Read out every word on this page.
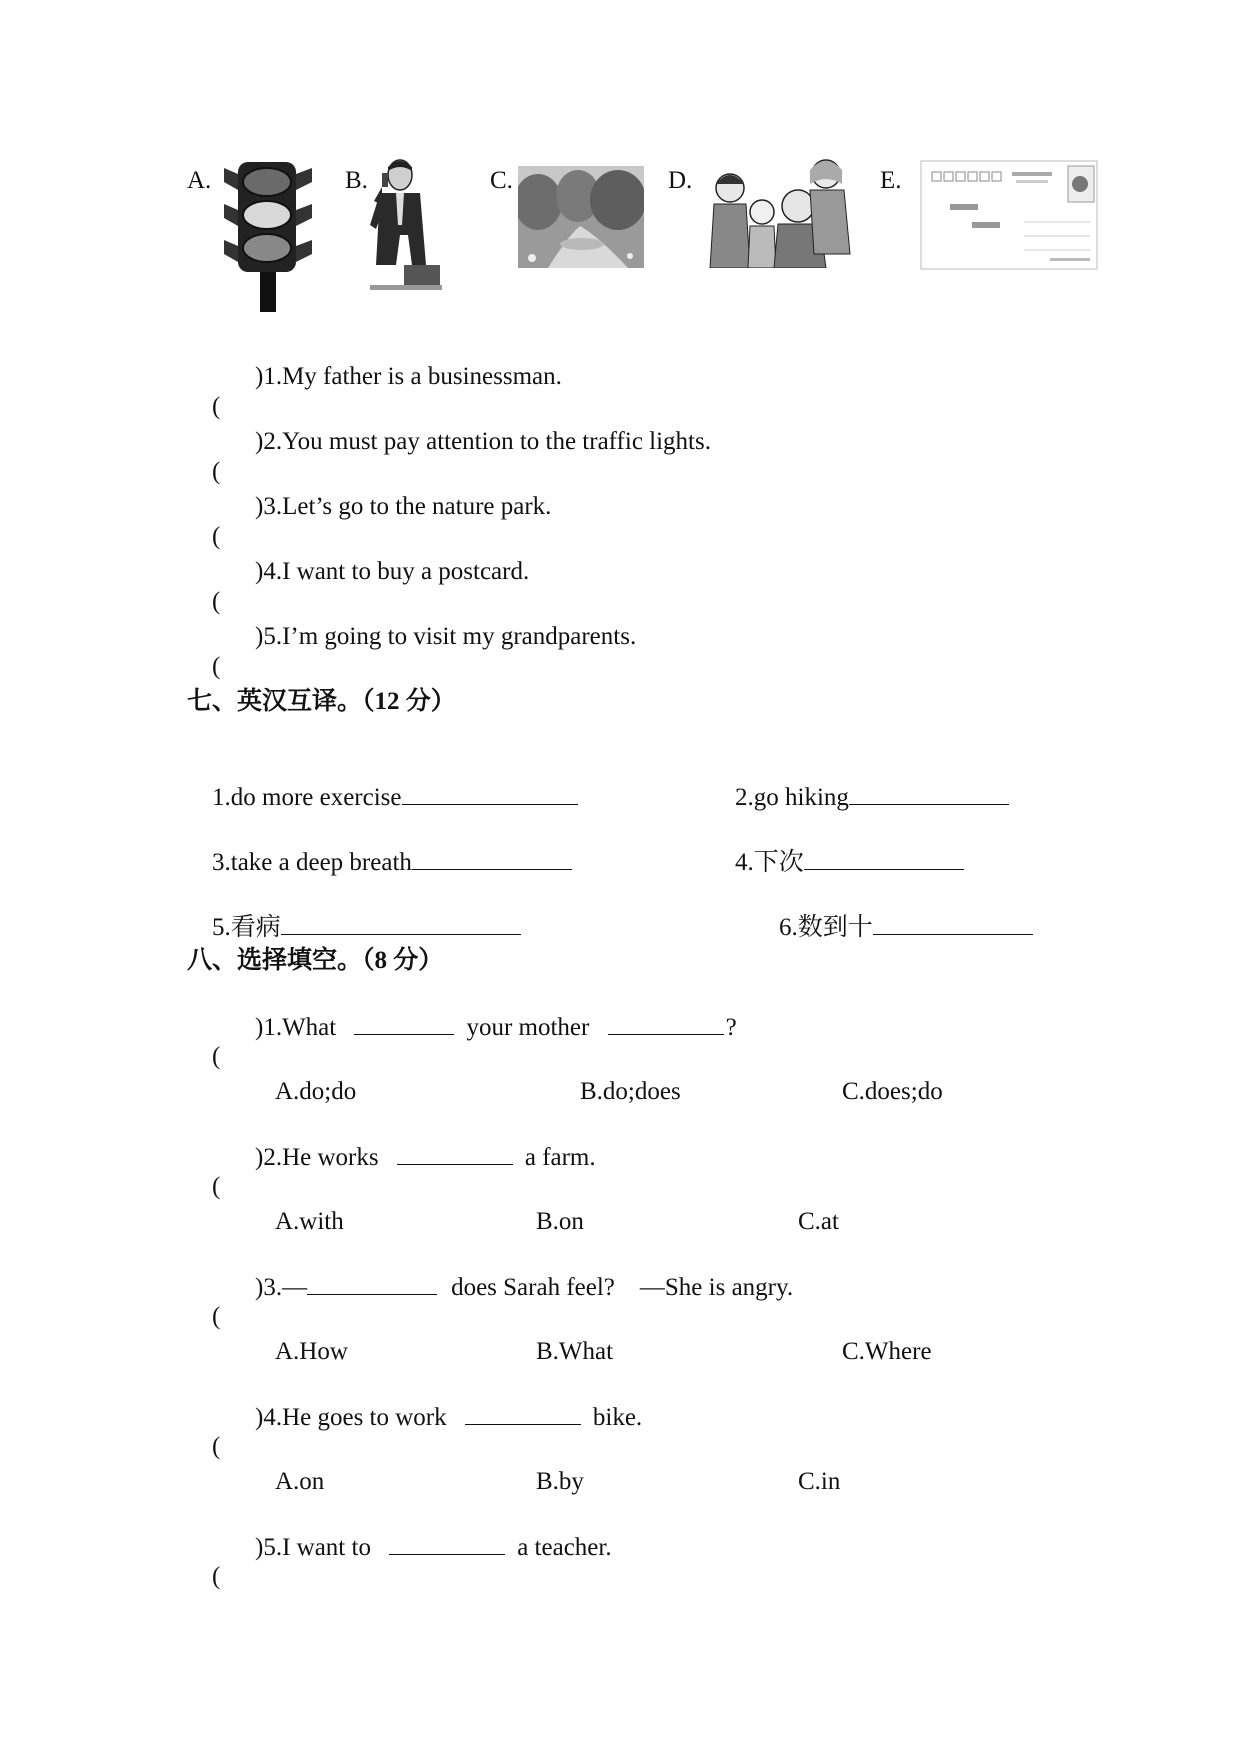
A.	B.	C.	D.	E.

(

)1.My father is a businessman.

(

)2.You must pay attention to the traffic lights.

(

)3.Let’s go to the nature park.

(

)4.I want to buy a postcard.

(

)5.I’m going to visit my grandparents.

七、英汉互译。（12 分）

1.do more exercise
	2.go hiking

3.take a deep breath
	4.下次

5.看病
	6.数到十

八、选择填空。（8 分）

(

)1.What	your mother	?

A.do;do	B.do;does	C.does;do

(

)2.He works	a farm.

A.with	B.on	C.at

(

)3.—	does Sarah feel? —She is angry.

A.How	B.What	C.Where

(

)4.He goes to work	bike.

A.on	B.by	C.in

(

)5.I want to	a teacher.
